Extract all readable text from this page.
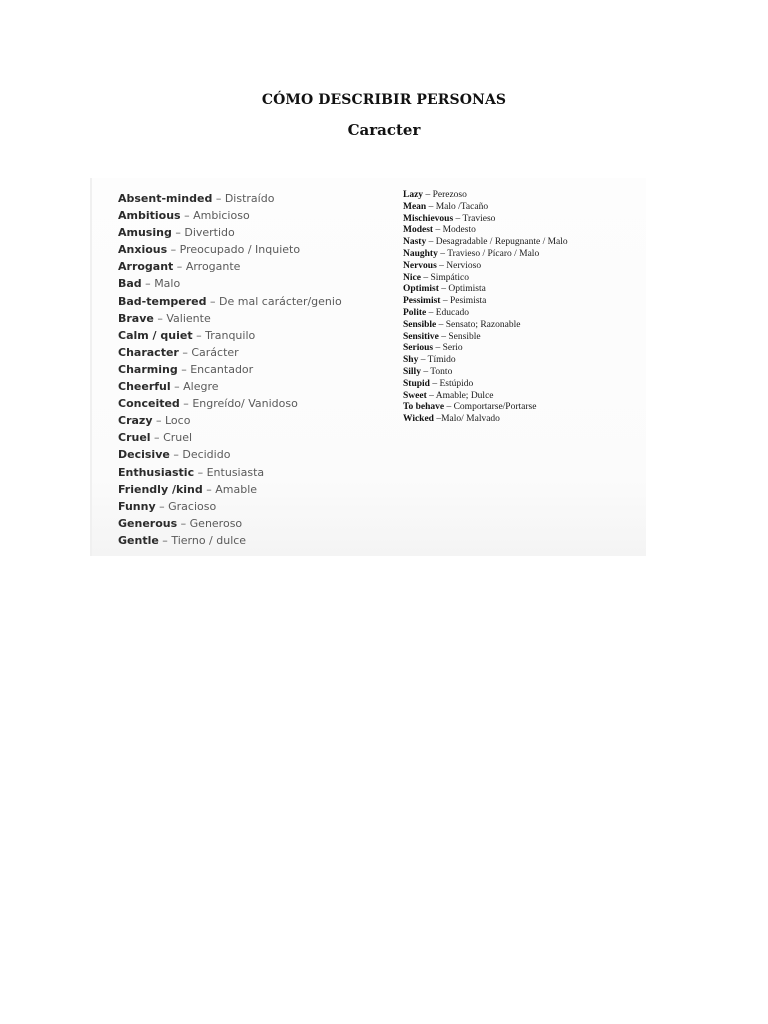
CÓMO DESCRIBIR PERSONAS
Caracter
Absent-minded – Distraído
Ambitious – Ambicioso
Amusing – Divertido
Anxious – Preocupado / Inquieto
Arrogant – Arrogante
Bad – Malo
Bad-tempered – De mal carácter/genio
Brave – Valiente
Calm / quiet – Tranquilo
Character – Carácter
Charming – Encantador
Cheerful – Alegre
Conceited – Engreído/ Vanidoso
Crazy – Loco
Cruel – Cruel
Decisive – Decidido
Enthusiastic – Entusiasta
Friendly /kind – Amable
Funny – Gracioso
Generous – Generoso
Gentle – Tierno / dulce
Lazy – Perezoso
Mean – Malo /Tacaño
Mischievous – Travieso
Modest – Modesto
Nasty – Desagradable / Repugnante / Malo
Naughty – Travieso / Pícaro / Malo
Nervous – Nervioso
Nice – Simpático
Optimist – Optimista
Pessimist – Pesimista
Polite – Educado
Sensible – Sensato; Razonable
Sensitive – Sensible
Serious – Serio
Shy – Tímido
Silly – Tonto
Stupid – Estúpido
Sweet – Amable; Dulce
To behave – Comportarse/Portarse
Wicked –Malo/ Malvado
